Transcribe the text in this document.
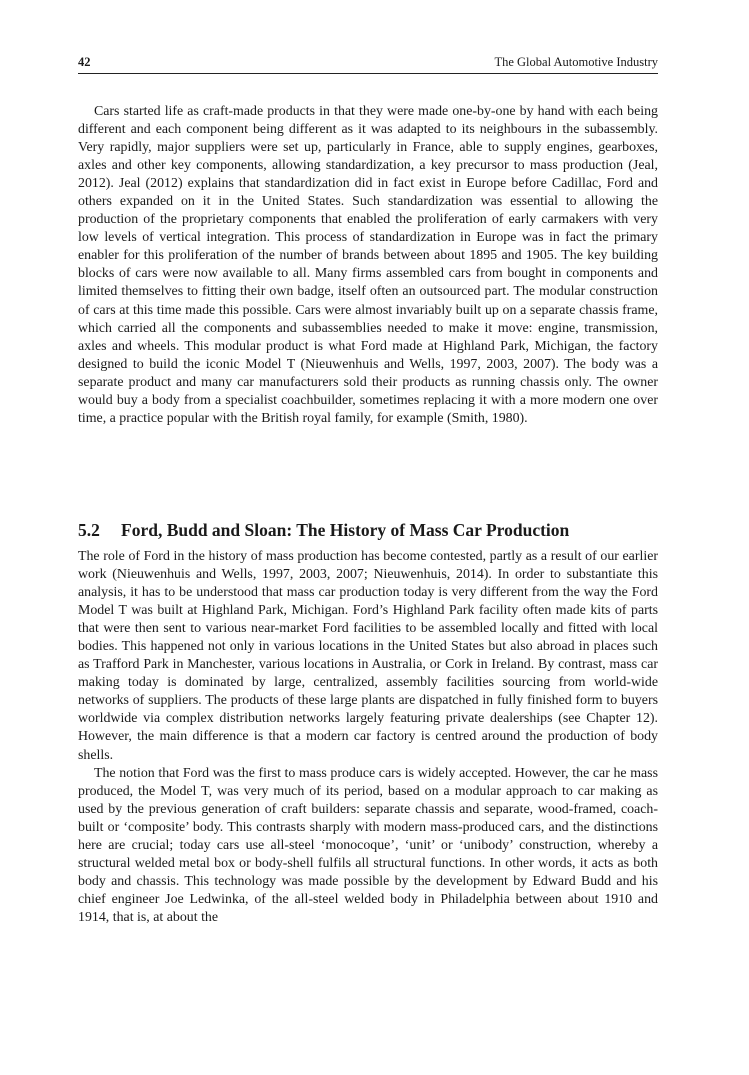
42	The Global Automotive Industry

Cars started life as craft-made products in that they were made one-by-one by hand with each being different and each component being different as it was adapted to its neighbours in the subassembly. Very rapidly, major suppliers were set up, particularly in France, able to supply engines, gearboxes, axles and other key components, allowing standardization, a key precursor to mass production (Jeal, 2012). Jeal (2012) explains that standardization did in fact exist in Europe before Cadillac, Ford and others expanded on it in the United States. Such standardization was essential to allowing the production of the proprietary components that enabled the proliferation of early carmakers with very low levels of vertical integration. This process of standardization in Europe was in fact the primary enabler for this proliferation of the number of brands between about 1895 and 1905. The key building blocks of cars were now available to all. Many firms assembled cars from bought in components and limited themselves to fitting their own badge, itself often an outsourced part. The modular construction of cars at this time made this possible. Cars were almost invariably built up on a separate chassis frame, which carried all the components and subassemblies needed to make it move: engine, transmission, axles and wheels. This modular product is what Ford made at Highland Park, Michigan, the factory designed to build the iconic Model T (Nieuwenhuis and Wells, 1997, 2003, 2007). The body was a separate product and many car manufacturers sold their products as running chassis only. The owner would buy a body from a specialist coachbuilder, sometimes replacing it with a more modern one over time, a practice popular with the British royal family, for example (Smith, 1980).

5.2 Ford, Budd and Sloan: The History of Mass Car Production

The role of Ford in the history of mass production has become contested, partly as a result of our earlier work (Nieuwenhuis and Wells, 1997, 2003, 2007; Nieuwenhuis, 2014). In order to substantiate this analysis, it has to be understood that mass car production today is very different from the way the Ford Model T was built at Highland Park, Michigan. Ford’s Highland Park facility often made kits of parts that were then sent to various near-market Ford facilities to be assembled locally and fitted with local bodies. This happened not only in various locations in the United States but also abroad in places such as Trafford Park in Manchester, various locations in Australia, or Cork in Ireland. By contrast, mass car making today is dominated by large, centralized, assembly facilities sourcing from world-wide networks of suppliers. The products of these large plants are dispatched in fully finished form to buyers worldwide via complex distribution networks largely featuring private dealerships (see Chapter 12). However, the main difference is that a modern car factory is centred around the production of body shells.

The notion that Ford was the first to mass produce cars is widely accepted. However, the car he mass produced, the Model T, was very much of its period, based on a modular approach to car making as used by the previous generation of craft builders: separate chassis and separate, wood-framed, coach-built or ‘composite’ body. This contrasts sharply with modern mass-produced cars, and the distinctions here are crucial; today cars use all-steel ‘monocoque’, ‘unit’ or ‘unibody’ construction, whereby a structural welded metal box or body-shell fulfils all structural functions. In other words, it acts as both body and chassis. This technology was made possible by the development by Edward Budd and his chief engineer Joe Ledwinka, of the all-steel welded body in Philadelphia between about 1910 and 1914, that is, at about the
